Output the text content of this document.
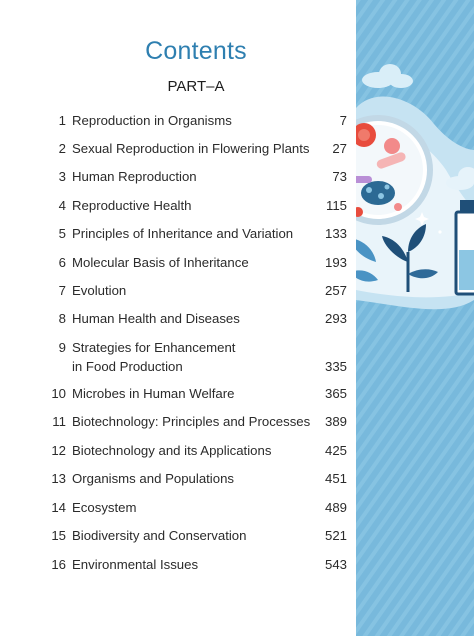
Contents
PART–A
1 Reproduction in Organisms	7
2 Sexual Reproduction in Flowering Plants	27
3 Human Reproduction	73
4 Reproductive Health	115
5 Principles of Inheritance and Variation	133
6 Molecular Basis of Inheritance	193
7 Evolution	257
8 Human Health and Diseases	293
9 Strategies for Enhancement
in Food Production	335
10 Microbes in Human Welfare	365
11 Biotechnology: Principles and Processes	389
12 Biotechnology and its Applications	425
13 Organisms and Populations	451
14 Ecosystem	489
15 Biodiversity and Conservation	521
16 Environmental Issues	543
